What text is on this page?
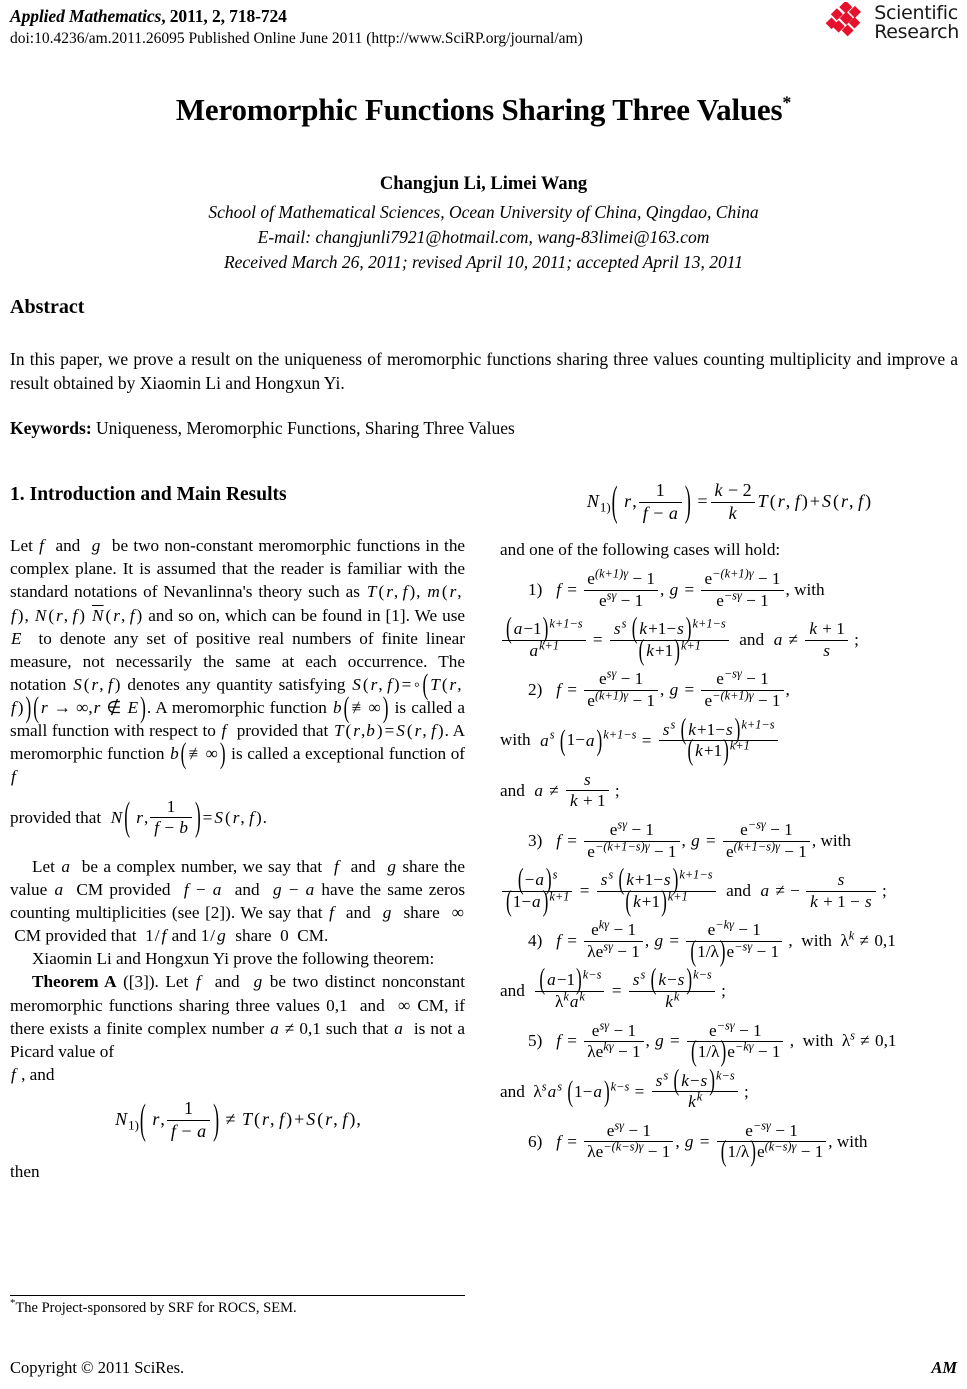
Applied Mathematics, 2011, 2, 718-724
doi:10.4236/am.2011.26095 Published Online June 2011 (http://www.SciRP.org/journal/am)
Scientific
Research
Meromorphic Functions Sharing Three Values*
Changjun Li, Limei Wang
School of Mathematical Sciences, Ocean University of China, Qingdao, China
E-mail: changjunli7921@hotmail.com, wang-83limei@163.com
Received March 26, 2011; revised April 10, 2011; accepted April 13, 2011
Abstract
In this paper, we prove a result on the uniqueness of meromorphic functions sharing three values counting multiplicity and improve a result obtained by Xiaomin Li and Hongxun Yi.
Keywords: Uniqueness, Meromorphic Functions, Sharing Three Values
1. Introduction and Main Results

Let f and g be two non-constant meromorphic functions in the complex plane. It is assumed that the reader is familiar with the standard notations of Nevanlinna's theory such as T ( r, f ), m ( r, f ), N ( r, f ) $\overline{N}$ ( r, f ) and so on, which can be found in [1]. We use E to denote any set of positive real numbers of finite linear measure, not necessarily the same at each occurrence. The notation S ( r, f ) denotes any quantity satisfying S ( r, f ) =◦( T ( r, f ) ) ( r → ∞,r ∉ E ). A meromorphic function b ( ≢∞ ) is called a small function with respect to f provided that T ( r,b ) = S ( r, f ). A meromorphic function b ( ≢∞ ) is called a exceptional function of f

provided that N ( r, $\frac{1}{f - b}$ ) = S ( r, f ).

Let a be a complex number, we say that f and g share the value a CM provided f − a and g − a have the same zeros counting multiplicities (see [2]). We say that f and g share ∞  CM provided that 1/ f and 1/ g share 0 CM.

Xiaomin Li and Hongxun Yi prove the following theorem:

Theorem A ([3]). Let f and g be two distinct nonconstant meromorphic functions sharing three values 0,1 and ∞ CM, if there exists a finite complex number a ≠ 0,1 such that a is not a Picard value of

f , and

$N_{1)}$( r, $\frac{1}{f - a}$ ) ≠ T ( r, f ) + S ( r, f ),

then

$N_{1)}$( r, $\frac{1}{f - a}$ ) = $\frac{k - 2}{k}$ T ( r, f ) + S ( r, f )

and one of the following cases will hold:

1) $f = \frac{e^{(k+1)\gamma} - 1}{e^{s\gamma} - 1}$ , $g = \frac{e^{-(k+1)\gamma} - 1}{e^{-s\gamma} - 1}$ , with
$\frac{( a-1)^{k+1-s}}{a^{k+1}} = \frac{s^s ( k+1-s )^{k+1-s}}{( k+1)^{k+1}}$ and $a \ne \frac{k + 1}{s}$ ;
2) $f = \frac{e^{s\gamma} - 1}{e^{(k+1)\gamma} - 1}$ , $g = \frac{e^{-s\gamma} - 1}{e^{-(k+1)\gamma} - 1}$ ,
with $a^s$ (1−a )$^{k+1-s} = \frac{s^s ( k+1-s )^{k+1-s}}{( k+1)^{k+1}}$
and $a \ne \frac{s}{k + 1}$ ;
3) $f = \frac{e^{s\gamma} - 1}{e^{-(k+1-s)\gamma} - 1}$ , $g = \frac{e^{-s\gamma} - 1}{e^{(k+1-s)\gamma} - 1}$ , with
$\frac{(-a )^s}{(1-a )^{k+1}} = \frac{s^s ( k+1-s )^{k+1-s}}{( k+1)^{k+1}}$ and a ≠ − $\frac{s}{k + 1 - s}$ ;
4) $f = \frac{e^{k\gamma} - 1}{\lambda e^{s\gamma} - 1}$ , $g = \frac{e^{-k\gamma} - 1}{(1/\lambda)e^{-s\gamma} - 1}$ ,  with  $\lambda^k \ne 0,1$
and $\frac{( a-1)^{k-s}}{\lambda^ka^k} = \frac{s^s ( k-s )^{k-s}}{k^k}$ ;
5) $f = \frac{e^{s\gamma} - 1}{\lambda e^{k\gamma} - 1}$ , $g = \frac{e^{-s\gamma} - 1}{(1/\lambda)e^{-k\gamma} - 1}$ ,  with  $\lambda^s \ne 0,1$
and  $\lambda^sa^s$ (1−a )$^{k-s} = \frac{s^s ( k-s )^{k-s}}{k^k}$ ;
6) $f = \frac{e^{s\gamma} - 1}{\lambda e^{-(k-s)\gamma} - 1}$ , $g = \frac{e^{-s\gamma} - 1}{(1/\lambda)e^{(k-s)\gamma} - 1}$ , with
*The Project-sponsored by SRF for ROCS, SEM.
Copyright © 2011 SciRes.	AM
